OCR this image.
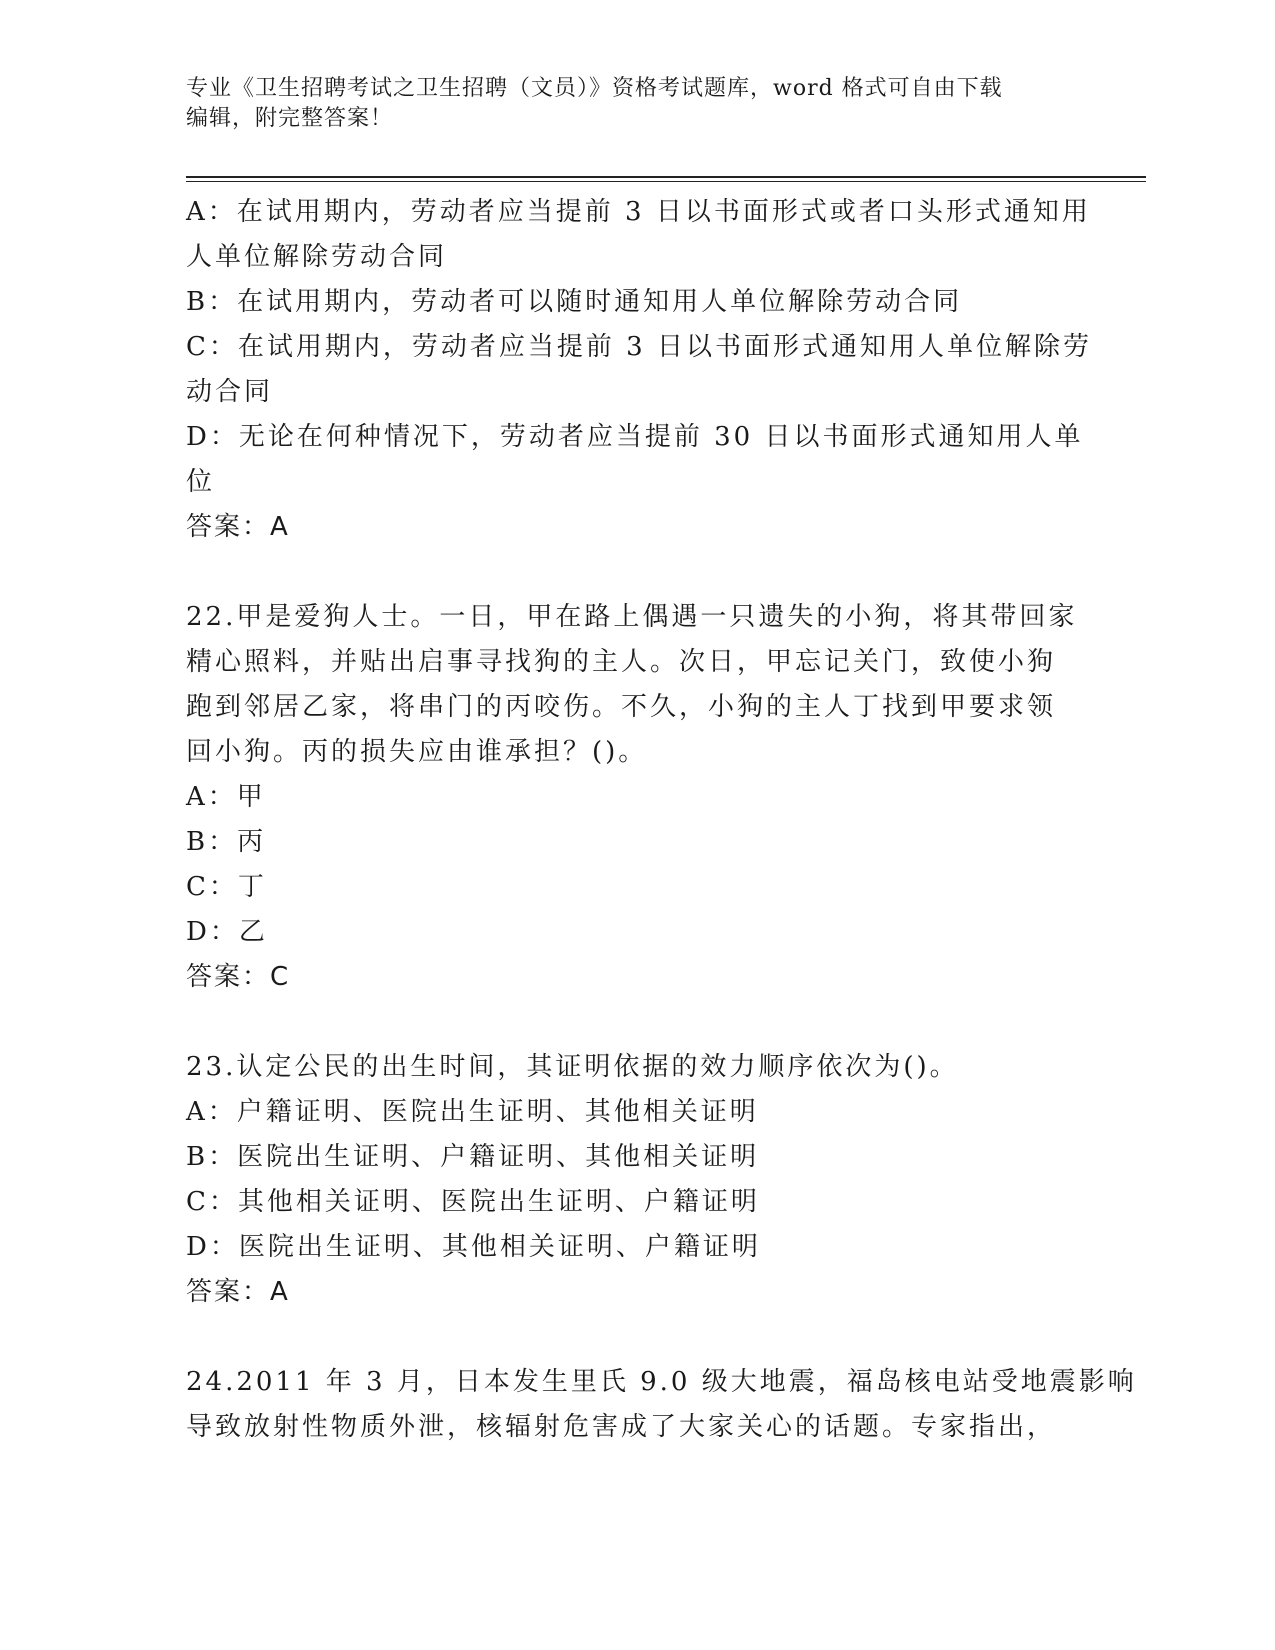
专业《卫生招聘考试之卫生招聘（文员）》资格考试题库，word 格式可自由下载
编辑，附完整答案！
A：在试用期内，劳动者应当提前 3 日以书面形式或者口头形式通知用
人单位解除劳动合同
B：在试用期内，劳动者可以随时通知用人单位解除劳动合同
C：在试用期内，劳动者应当提前 3 日以书面形式通知用人单位解除劳
动合同
D：无论在何种情况下，劳动者应当提前 30 日以书面形式通知用人单
位
答案：A
22.甲是爱狗人士。一日，甲在路上偶遇一只遗失的小狗，将其带回家
精心照料，并贴出启事寻找狗的主人。次日，甲忘记关门，致使小狗
跑到邻居乙家，将串门的丙咬伤。不久，小狗的主人丁找到甲要求领
回小狗。丙的损失应由谁承担？()。
A：甲
B：丙
C：丁
D：乙
答案：C
23.认定公民的出生时间，其证明依据的效力顺序依次为()。
A：户籍证明、医院出生证明、其他相关证明
B：医院出生证明、户籍证明、其他相关证明
C：其他相关证明、医院出生证明、户籍证明
D：医院出生证明、其他相关证明、户籍证明
答案：A
24.2011 年 3 月，日本发生里氏 9.0 级大地震，福岛核电站受地震影响
导致放射性物质外泄，核辐射危害成了大家关心的话题。专家指出，
